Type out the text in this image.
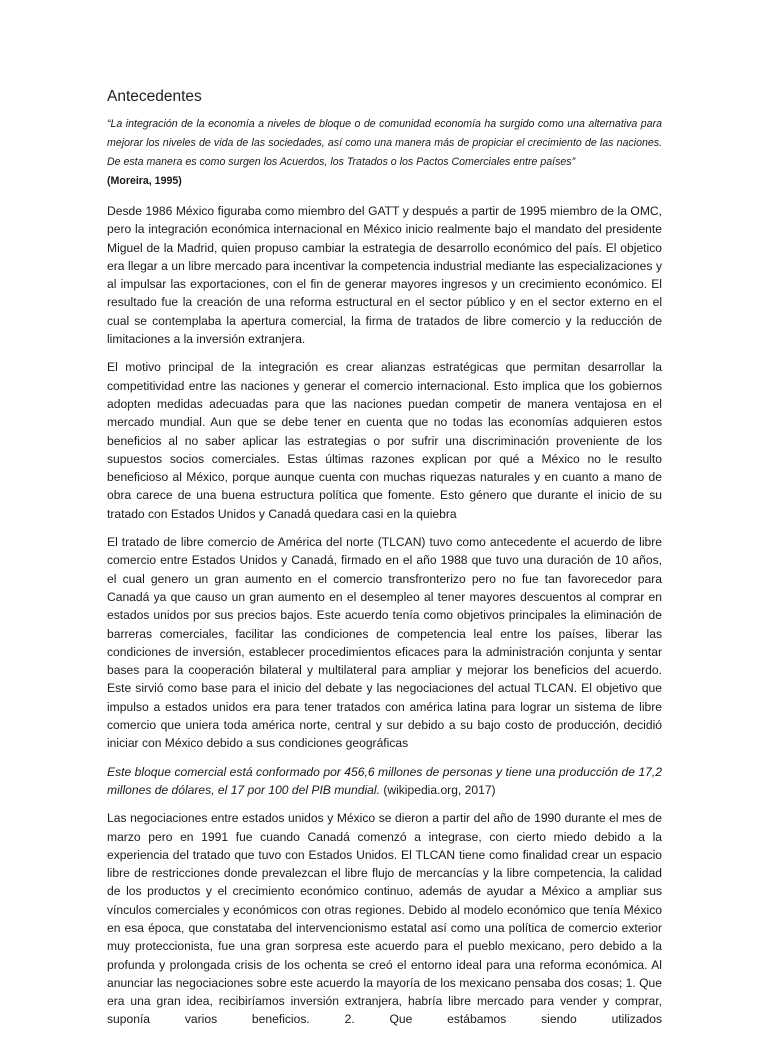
Antecedentes

“La integración de la economía a niveles de bloque o de comunidad economía ha surgido como una alternativa para mejorar los niveles de vida de las sociedades, así como una manera más de propiciar el crecimiento de las naciones. De esta manera es como surgen los Acuerdos, los Tratados o los Pactos Comerciales entre países”

(Moreira, 1995)

Desde 1986 México figuraba como miembro del GATT y después a partir de 1995 miembro de la OMC, pero la integración económica internacional en México inicio realmente bajo el mandato del presidente Miguel de la Madrid, quien propuso cambiar la estrategia de desarrollo económico del país. El objetico era llegar a un libre mercado para incentivar la competencia industrial mediante las especializaciones y al impulsar las exportaciones, con el fin de generar mayores ingresos y un crecimiento económico. El resultado fue la creación de una reforma estructural en el sector público y en el sector externo en el cual se contemplaba la apertura comercial, la firma de tratados de libre comercio y la reducción de limitaciones a la inversión extranjera.

El motivo principal de la integración es crear alianzas estratégicas que permitan desarrollar la competitividad entre las naciones y generar el comercio internacional. Esto implica que los gobiernos adopten medidas adecuadas para que las naciones puedan competir de manera ventajosa en el mercado mundial. Aun que se debe tener en cuenta que no todas las economías adquieren estos beneficios al no saber aplicar las estrategias o por sufrir una discriminación proveniente de los supuestos socios comerciales. Estas últimas razones explican por qué a México no le resulto beneficioso al México, porque aunque cuenta con muchas riquezas naturales y en cuanto a mano de obra carece de una buena estructura política que fomente. Esto género que durante el inicio de su tratado con Estados Unidos y Canadá quedara casi en la quiebra

El tratado de libre comercio de América del norte (TLCAN) tuvo como antecedente el acuerdo de libre comercio entre Estados Unidos y Canadá, firmado en el año 1988 que tuvo una duración de 10 años, el cual genero un gran aumento en el comercio transfronterizo pero no fue tan favorecedor para Canadá ya que causo un gran aumento en el desempleo al tener mayores descuentos al comprar en estados unidos por sus precios bajos. Este acuerdo tenía como objetivos principales la eliminación de barreras comerciales, facilitar las condiciones de competencia leal entre los países, liberar las condiciones de inversión, establecer procedimientos eficaces para la administración conjunta y sentar bases para la cooperación bilateral y multilateral para ampliar y mejorar los beneficios del acuerdo. Este sirvió como base para el inicio del debate y las negociaciones del actual TLCAN. El objetivo que impulso a estados unidos era para tener tratados con américa latina para lograr un sistema de libre comercio que uniera toda américa norte, central y sur debido a su bajo costo de producción, decidió iniciar con México debido a sus condiciones geográficas

Este bloque comercial está conformado por 456,6 millones de personas y tiene una producción de 17,2 millones de dólares, el 17 por 100 del PIB mundial. (wikipedia.org, 2017)

Las negociaciones entre estados unidos y México se dieron a partir del año de 1990 durante el mes de marzo pero en 1991 fue cuando Canadá comenzó a integrase, con cierto miedo debido a la experiencia del tratado que tuvo con Estados Unidos. El TLCAN tiene como finalidad crear un espacio libre de restricciones donde prevalezcan el libre flujo de mercancías y la libre competencia, la calidad de los productos y el crecimiento económico continuo, además de ayudar a México a ampliar sus vínculos comerciales y económicos con otras regiones. Debido al modelo económico que tenía México en esa época, que constataba del intervencionismo estatal así como una política de comercio exterior muy proteccionista, fue una gran sorpresa este acuerdo para el pueblo mexicano, pero debido a la profunda y prolongada crisis de los ochenta se creó el entorno ideal para una reforma económica. Al anunciar las negociaciones sobre este acuerdo la mayoría de los mexicano pensaba dos cosas; 1. Que era una gran idea, recibiríamos inversión extranjera, habría libre mercado para vender y comprar, suponía varios beneficios. 2. Que estábamos siendo utilizados
